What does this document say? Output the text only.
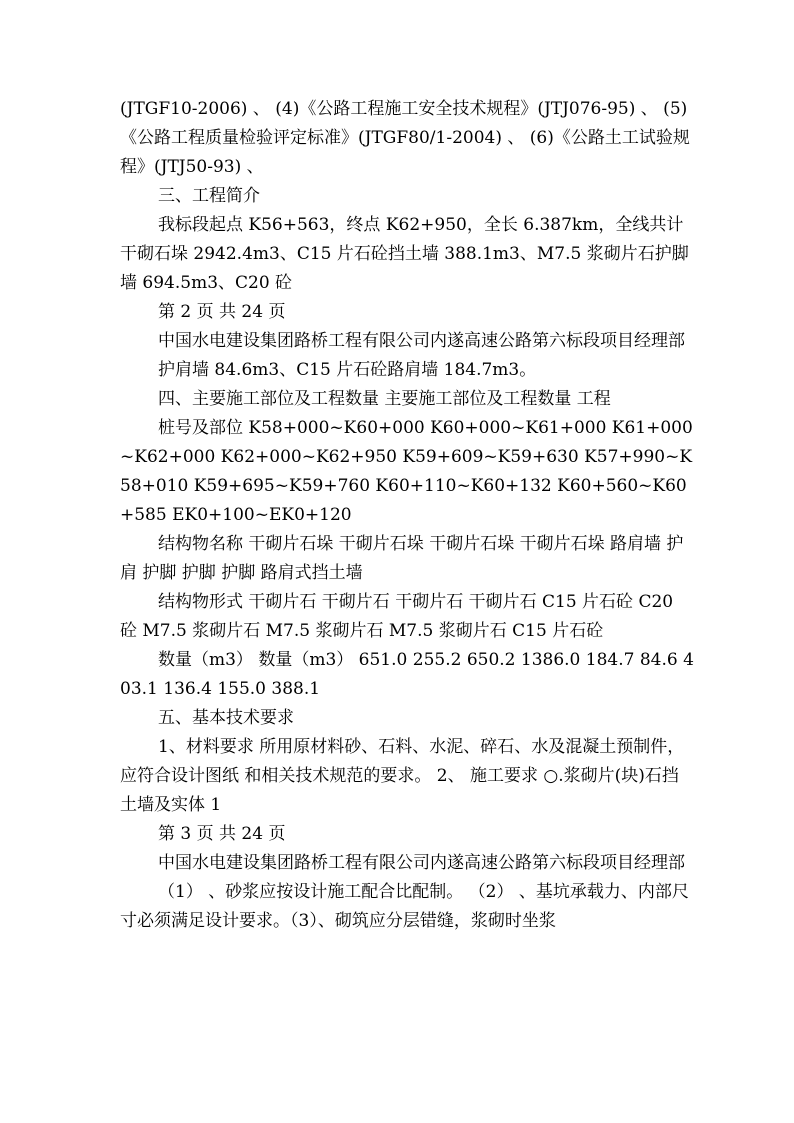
(JTGF10-2006) 、 (4)《公路工程施工安全技术规程》(JTJ076-95) 、 (5)《公路工程质量检验评定标准》(JTGF80/1-2004) 、 (6)《公路土工试验规程》(JTJ50-93) 、

三、工程简介

我标段起点 K56+563，终点 K62+950，全长 6.387km，全线共计干砌石垛 2942.4m3、C15 片石砼挡土墙 388.1m3、M7.5 浆砌片石护脚墙 694.5m3、C20 砼

第 2 页 共 24 页

中国水电建设集团路桥工程有限公司内遂高速公路第六标段项目经理部

护肩墙 84.6m3、C15 片石砼路肩墙 184.7m3。

四、主要施工部位及工程数量 主要施工部位及工程数量 工程

桩号及部位 K58+000~K60+000 K60+000~K61+000 K61+000~K62+000 K62+000~K62+950 K59+609~K59+630 K57+990~K58+010 K59+695~K59+760 K60+110~K60+132 K60+560~K60+585 EK0+100~EK0+120

结构物名称 干砌片石垛 干砌片石垛 干砌片石垛 干砌片石垛 路肩墙 护肩 护脚 护脚 护脚 路肩式挡土墙

结构物形式 干砌片石 干砌片石 干砌片石 干砌片石 C15 片石砼 C20 砼 M7.5 浆砌片石 M7.5 浆砌片石 M7.5 浆砌片石 C15 片石砼

数量（m3） 数量（m3） 651.0 255.2 650.2 1386.0 184.7 84.6 403.1 136.4 155.0 388.1

五、基本技术要求

1、材料要求 所用原材料砂、石料、水泥、碎石、水及混凝土预制件，应符合设计图纸 和相关技术规范的要求。 2、 施工要求 ○.浆砌片(块)石挡土墙及实体 1

第 3 页 共 24 页

中国水电建设集团路桥工程有限公司内遂高速公路第六标段项目经理部

（1） 、砂浆应按设计施工配合比配制。 （2） 、基坑承载力、内部尺寸必须满足设计要求。（3）、砌筑应分层错缝，浆砌时坐浆
